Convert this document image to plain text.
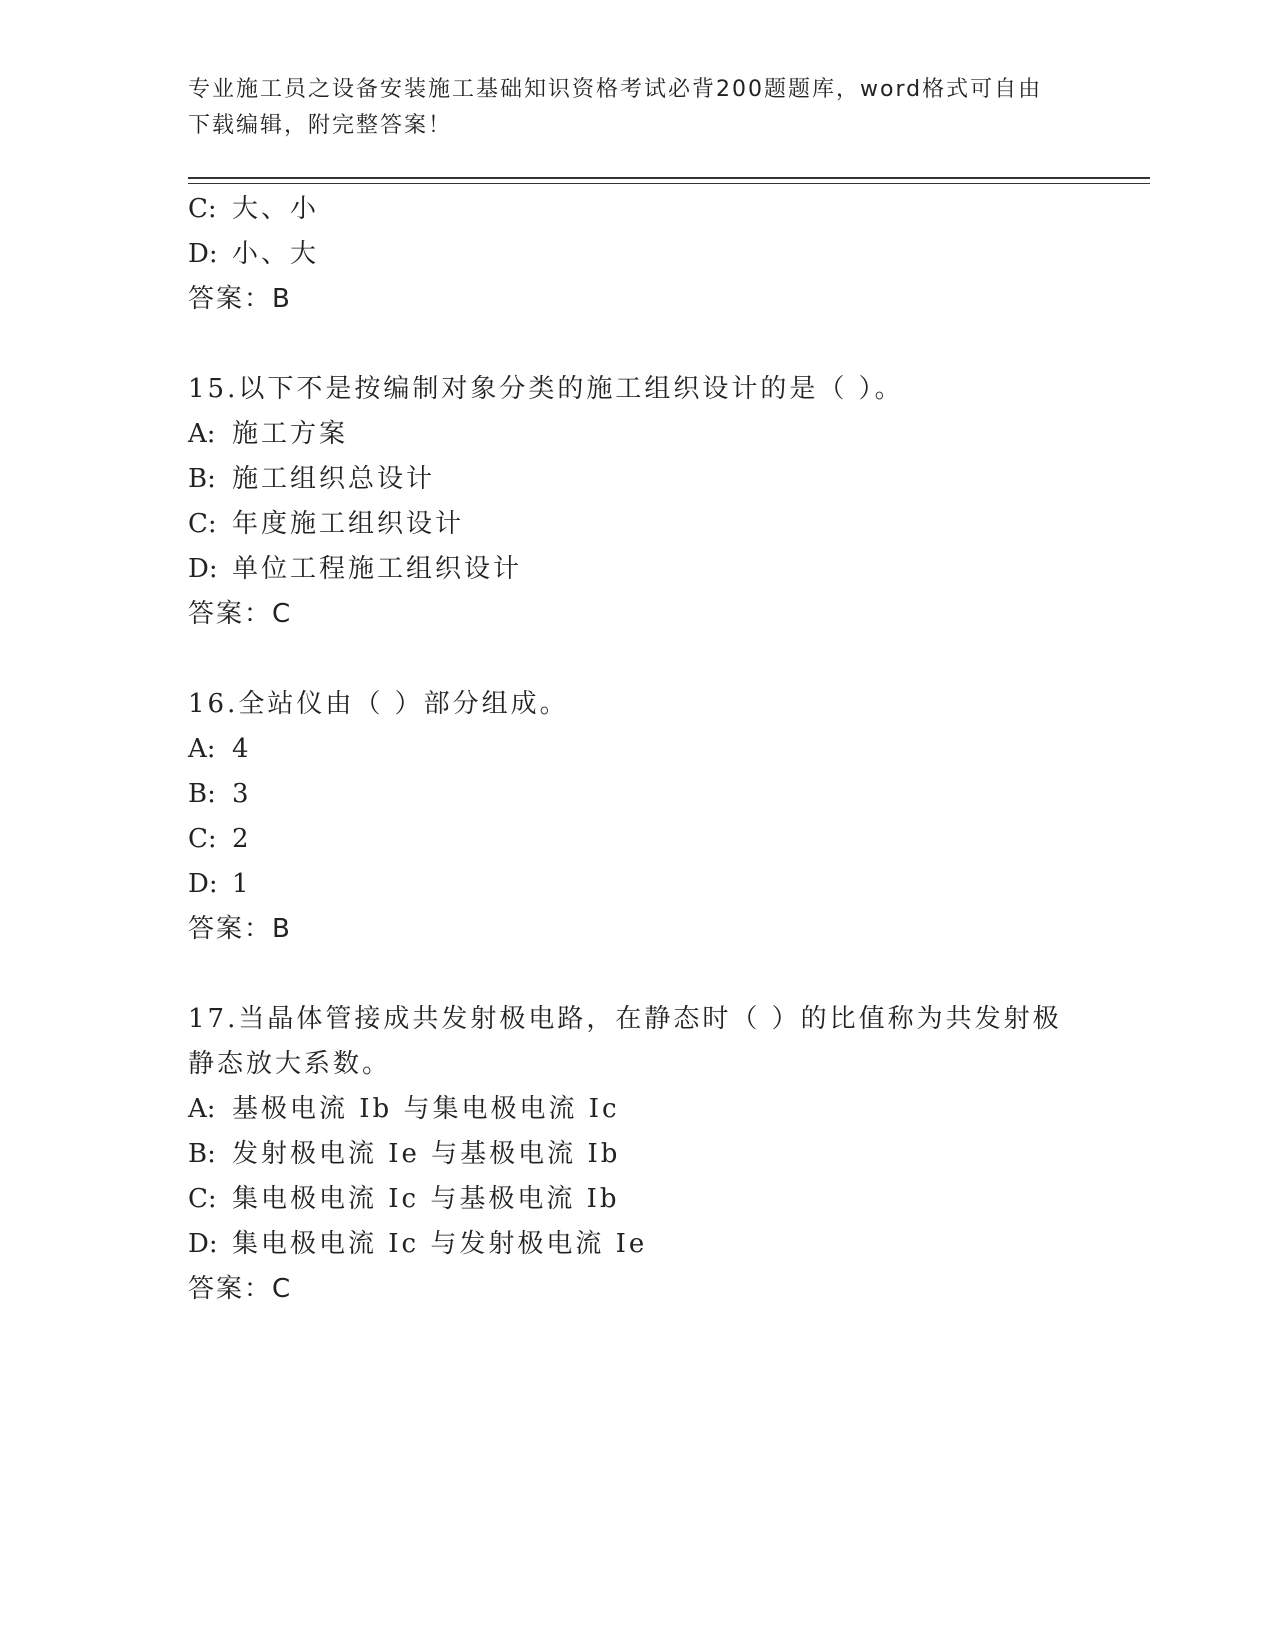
专业施工员之设备安装施工基础知识资格考试必背200题题库，word格式可自由
下载编辑，附完整答案！
C: 大、小
D: 小、大
答案：B
15.以下不是按编制对象分类的施工组织设计的是（ ）。
A: 施工方案
B: 施工组织总设计
C: 年度施工组织设计
D: 单位工程施工组织设计
答案：C
16.全站仪由（ ）部分组成。
A: 4
B: 3
C: 2
D: 1
答案：B
17.当晶体管接成共发射极电路，在静态时（ ）的比值称为共发射极
静态放大系数。
A: 基极电流 Ib 与集电极电流 Ic
B: 发射极电流 Ie 与基极电流 Ib
C: 集电极电流 Ic 与基极电流 Ib
D: 集电极电流 Ic 与发射极电流 Ie
答案：C
